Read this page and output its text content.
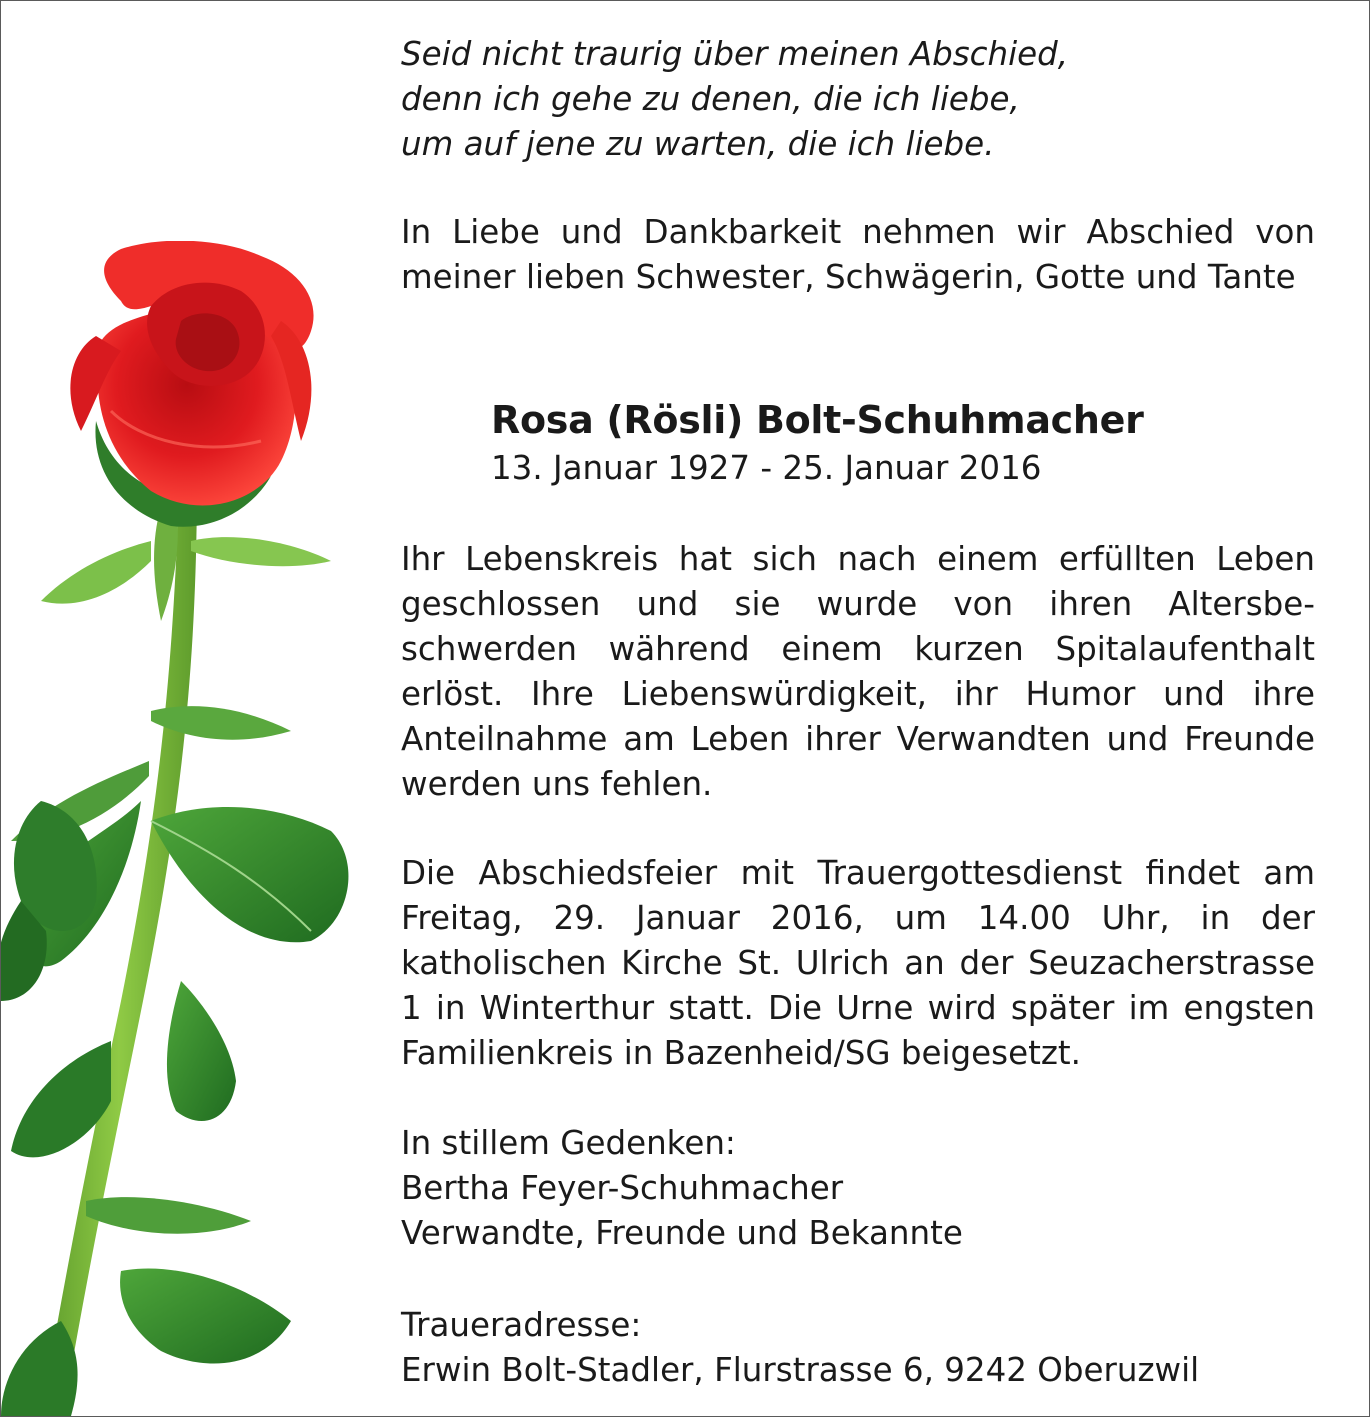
Seid nicht traurig über meinen Abschied,
denn ich gehe zu denen, die ich liebe,
um auf jene zu warten, die ich liebe.

In Liebe und Dankbarkeit nehmen wir Abschied von meiner lieben Schwester, Schwägerin, Gotte und Tante

Rosa (Rösli) Bolt-Schuhmacher
13. Januar 1927 - 25. Januar 2016

Ihr Lebenskreis hat sich nach einem erfüllten Leben geschlossen und sie wurde von ihren Altersbeschwerden während einem kurzen Spitalaufenthalt erlöst. Ihre Liebenswürdigkeit, ihr Humor und ihre Anteilnahme am Leben ihrer Verwandten und Freunde werden uns fehlen.

Die Abschiedsfeier mit Trauergottesdienst findet am Freitag, 29. Januar 2016, um 14.00 Uhr, in der katholischen Kirche St. Ulrich an der Seuzacherstrasse 1 in Winterthur statt. Die Urne wird später im engsten Familienkreis in Bazenheid/SG beigesetzt.

In stillem Gedenken:
Bertha Feyer-Schuhmacher
Verwandte, Freunde und Bekannte

Traueradresse:
Erwin Bolt-Stadler, Flurstrasse 6, 9242 Oberuzwil
